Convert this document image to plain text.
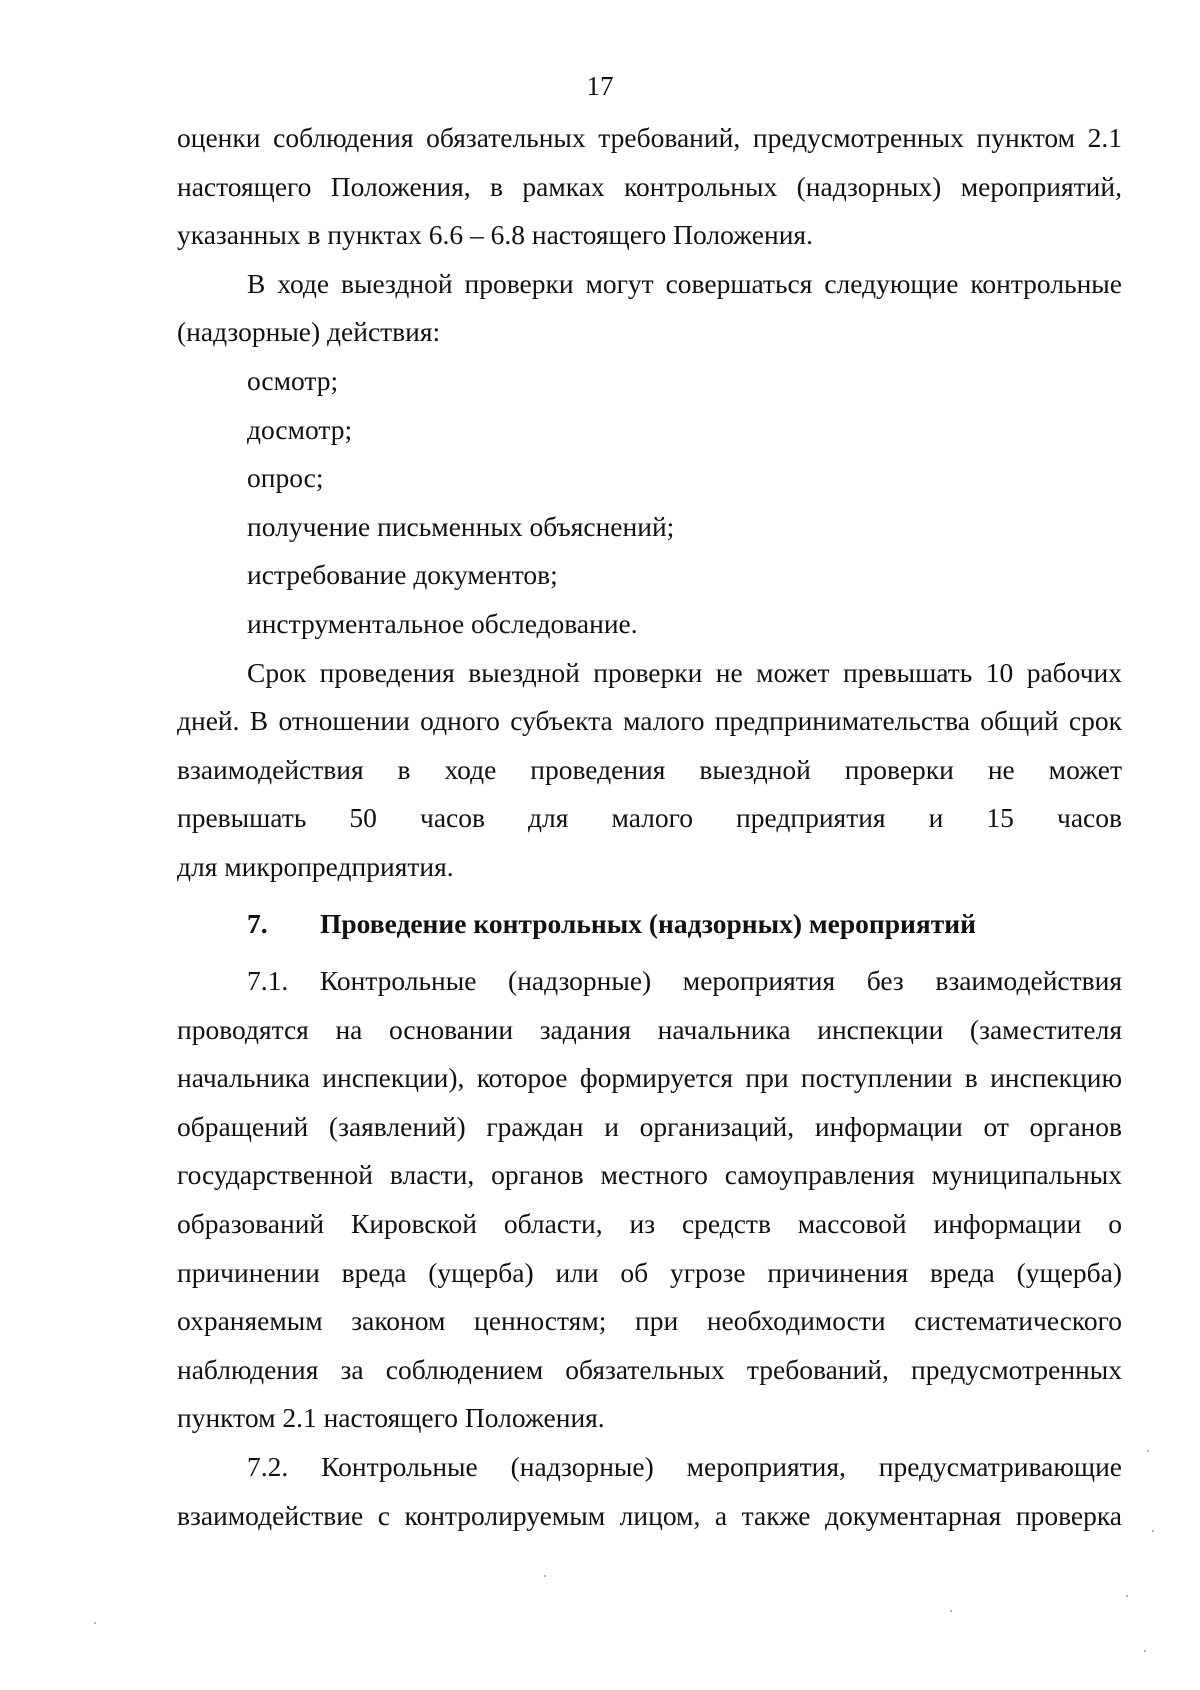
17

оценки соблюдения обязательных требований, предусмотренных пунктом 2.1 настоящего Положения, в рамках контрольных (надзорных) мероприятий, указанных в пунктах 6.6 – 6.8 настоящего Положения.

В ходе выездной проверки могут совершаться следующие контрольные (надзорные) действия:

осмотр;

досмотр;

опрос;

получение письменных объяснений;

истребование документов;

инструментальное обследование.

Срок проведения выездной проверки не может превышать 10 рабочих дней. В отношении одного субъекта малого предпринимательства общий срок взаимодействия в ходе проведения выездной проверки не может

превышать 50 часов для малого предприятия и 15 часов

для микропредприятия.

7. Проведение контрольных (надзорных) мероприятий

7.1. Контрольные (надзорные) мероприятия без взаимодействия проводятся на основании задания начальника инспекции (заместителя начальника инспекции), которое формируется при поступлении в инспекцию обращений (заявлений) граждан и организаций, информации от органов государственной власти, органов местного самоуправления муниципальных образований Кировской области, из средств массовой информации о причинении вреда (ущерба) или об угрозе причинения вреда (ущерба) охраняемым законом ценностям; при необходимости систематического наблюдения за соблюдением обязательных требований, предусмотренных пунктом 2.1 настоящего Положения.

7.2. Контрольные (надзорные) мероприятия, предусматривающие взаимодействие с контролируемым лицом, а также документарная проверка
